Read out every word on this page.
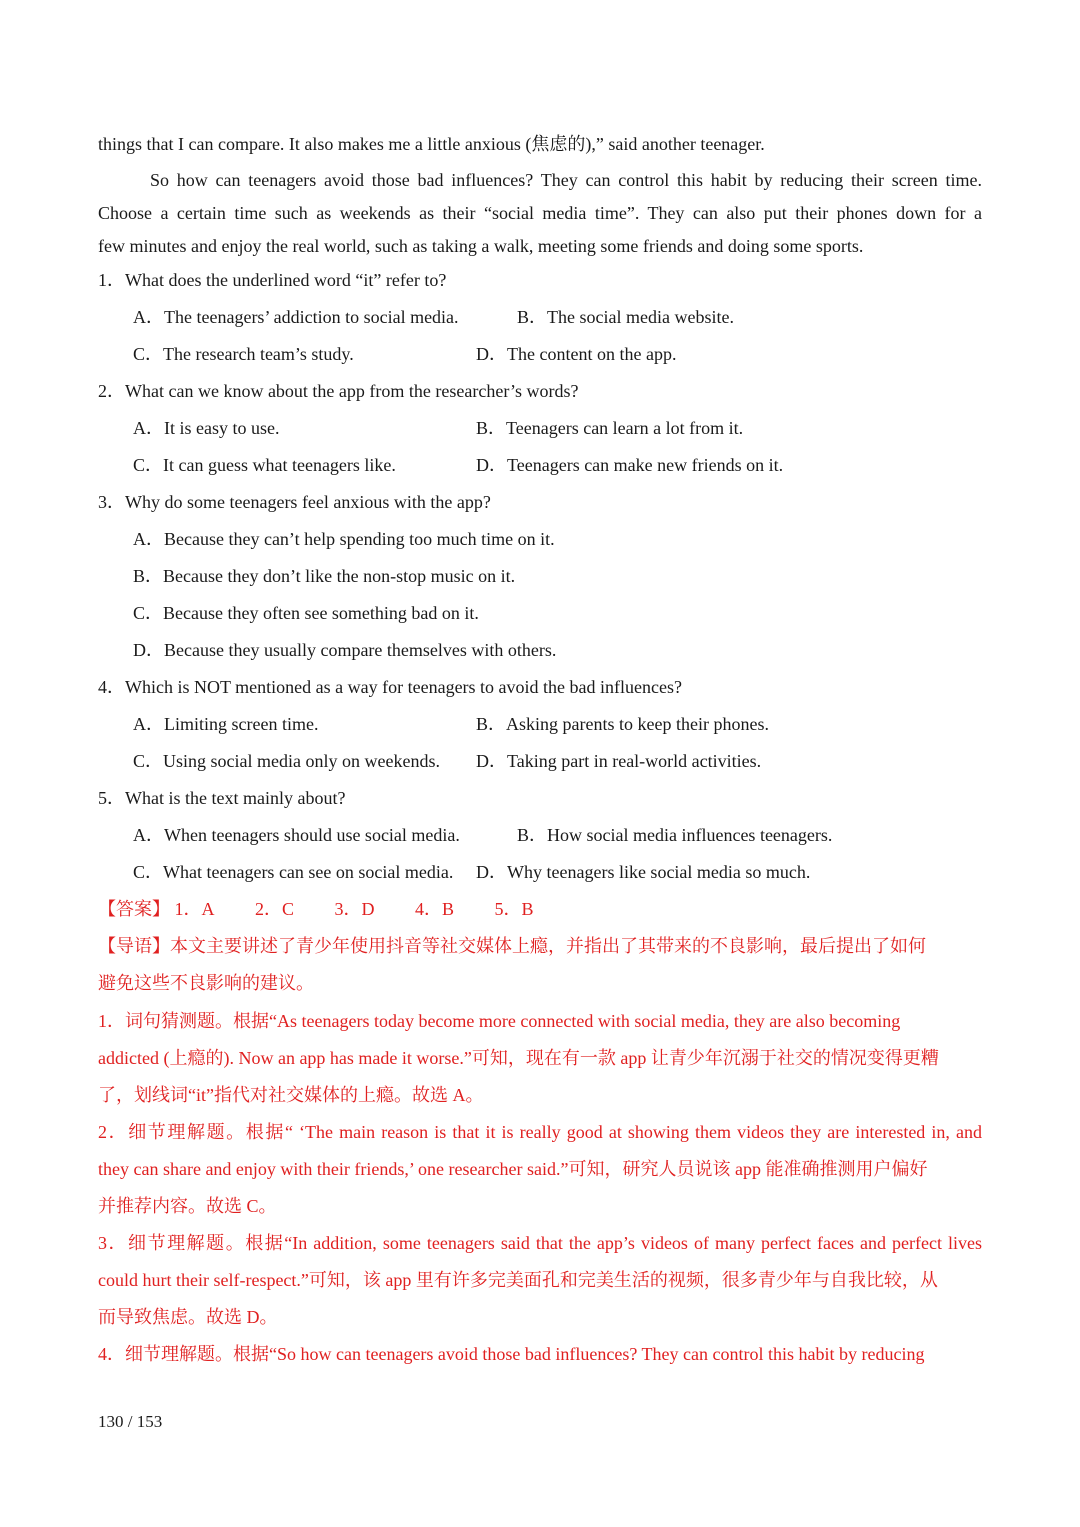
things that I can compare. It also makes me a little anxious (焦虑的),” said another teenager.
So how can teenagers avoid those bad influences? They can control this habit by reducing their screen time.
Choose a certain time such as weekends as their “social media time”. They can also put their phones down for a
few minutes and enjoy the real world, such as taking a walk, meeting some friends and doing some sports.
1．What does the underlined word “it” refer to?
A．The teenagers’ addiction to social media.	B．The social media website.
C．The research team’s study.	D．The content on the app.
2．What can we know about the app from the researcher’s words?
A．It is easy to use.	B．Teenagers can learn a lot from it.
C．It can guess what teenagers like.	D．Teenagers can make new friends on it.
3．Why do some teenagers feel anxious with the app?
A．Because they can’t help spending too much time on it.
B．Because they don’t like the non-stop music on it.
C．Because they often see something bad on it.
D．Because they usually compare themselves with others.
4．Which is NOT mentioned as a way for teenagers to avoid the bad influences?
A．Limiting screen time.	B．Asking parents to keep their phones.
C．Using social media only on weekends. D．Taking part in real-world activities.
5．What is the text mainly about?
A．When teenagers should use social media.	B．How social media influences teenagers.
C．What teenagers can see on social media. D．Why teenagers like social media so much.
【答案】 1．A 2．C 3．D 4．B 5．B
【导语】本文主要讲述了青少年使用抖音等社交媒体上瘾，并指出了其带来的不良影响，最后提出了如何
避免这些不良影响的建议。
1．词句猜测题。根据“As teenagers today become more connected with social media, they are also becoming
addicted (上瘾的). Now an app has made it worse.”可知，现在有一款 app 让青少年沉溺于社交的情况变得更糟
了，划线词“it”指代对社交媒体的上瘾。故选 A。
2．细节理解题。根据“ ‘The main reason is that it is really good at showing them videos they are interested in, and
they can share and enjoy with their friends,’ one researcher said.”可知，研究人员说该 app 能准确推测用户偏好
并推荐内容。故选 C。
3．细节理解题。根据“In addition, some teenagers said that the app’s videos of many perfect faces and perfect lives
could hurt their self-respect.”可知，该 app 里有许多完美面孔和完美生活的视频，很多青少年与自我比较，从
而导致焦虑。故选 D。
4．细节理解题。根据“So how can teenagers avoid those bad influences? They can control this habit by reducing
130 / 153
